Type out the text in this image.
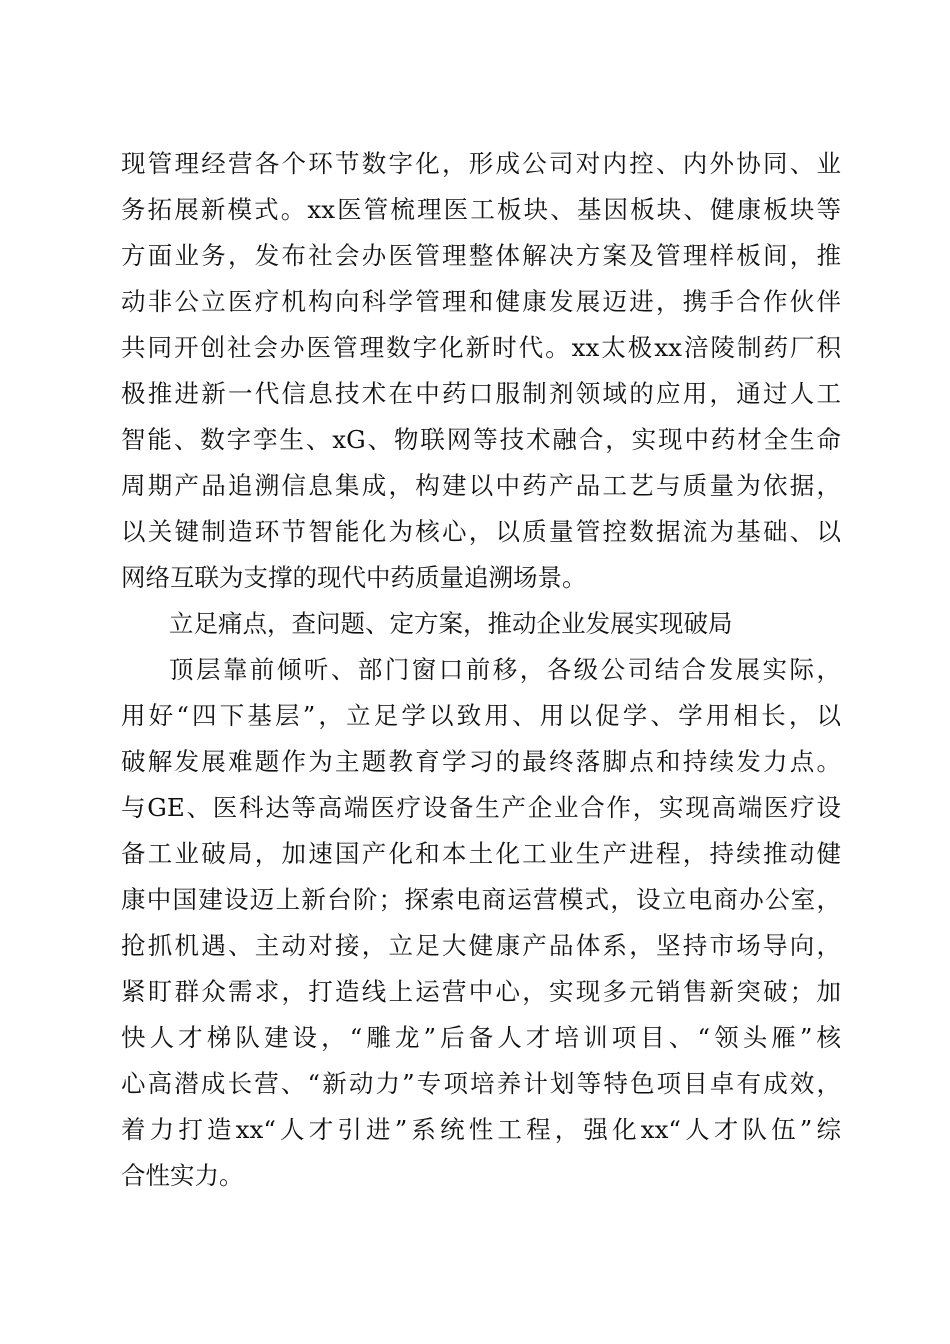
现管理经营各个环节数字化，形成公司对内控、内外协同、业
务拓展新模式。xx医管梳理医工板块、基因板块、健康板块等
方面业务，发布社会办医管理整体解决方案及管理样板间，推
动非公立医疗机构向科学管理和健康发展迈进，携手合作伙伴
共同开创社会办医管理数字化新时代。xx太极xx涪陵制药厂积
极推进新一代信息技术在中药口服制剂领域的应用，通过人工
智能、数字孪生、xG、物联网等技术融合，实现中药材全生命
周期产品追溯信息集成，构建以中药产品工艺与质量为依据，
以关键制造环节智能化为核心，以质量管控数据流为基础、以
网络互联为支撑的现代中药质量追溯场景。
立足痛点，查问题、定方案，推动企业发展实现破局
顶层靠前倾听、部门窗口前移，各级公司结合发展实际，
用好“四下基层”，立足学以致用、用以促学、学用相长，以
破解发展难题作为主题教育学习的最终落脚点和持续发力点。
与GE、医科达等高端医疗设备生产企业合作，实现高端医疗设
备工业破局，加速国产化和本土化工业生产进程，持续推动健
康中国建设迈上新台阶；探索电商运营模式，设立电商办公室，
抢抓机遇、主动对接，立足大健康产品体系，坚持市场导向，
紧盯群众需求，打造线上运营中心，实现多元销售新突破；加
快人才梯队建设，“雕龙”后备人才培训项目、“领头雁”核
心高潜成长营、“新动力”专项培养计划等特色项目卓有成效，
着力打造xx“人才引进”系统性工程，强化xx“人才队伍”综
合性实力。
